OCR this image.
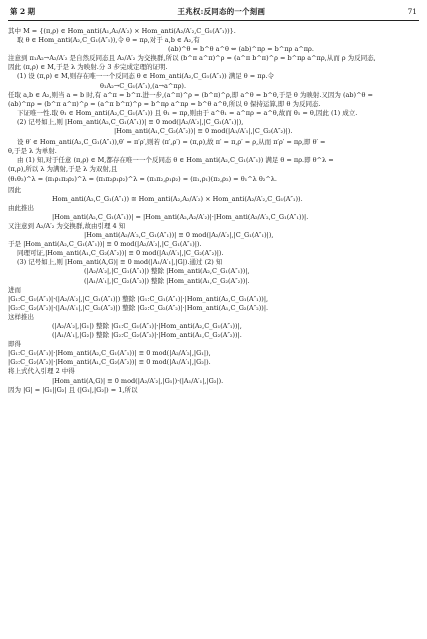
第 2 期	王兆权:反同态的一个刻画	71
其中 M = {(π,ρ) ∈ Hom_anti(A₁,A₂/A′₂) × Hom_anti(A₂/A′₂,C_G₁(A″₁))}.
取 θ ∈ Hom_anti(A₂,C_G₁(A″₁)),令 θ = πρ,对于 a,b ∈ A₂,有
(ab)^θ = b^θ a^θ ⇔ (ab)^πρ = b^πρ a^πρ.
注意到 π₁A₂→A₂/A′₂ 是自然反同态且 A₂/A′₂ 为交换群,所以 (b^π a^π)^ρ = (a^π b^π)^ρ = b^πρ a^πρ,从而 ρ 为反同态,
因此 (π,ρ) ∈ M,于是 λ 为映射.分 3 步完成定理的证明.
(1) 设 (π,ρ) ∈ M,则存在唯一一个反同态 θ ∈ Hom_anti(A₂,C_G₁(A″₁)) 满足 θ = πρ.令
θ₁A₂→C_G₁(A″₁),(a→a^πρ).
任取 a,b ∈ A₂,则当 a = b 时,有 a^π = b^π.进一步,(a^π)^ρ = (b^π)^ρ,即 a^θ = b^θ,于是 θ 为映射.又因为 (ab)^θ =
(ab)^πρ = (b^π a^π)^ρ = (a^π b^π)^ρ = b^πρ a^πρ = b^θ a^θ,所以 θ 保持运算,即 θ 为反同态.
下证唯一性.取 θ₁ ∈ Hom_anti(A₂,C_G₁(A″₁)) 且 θ₁ = πρ,则由于 a^θ₁ = a^πρ = a^θ,故而 θ₁ = θ,因此 (1) 成立.
(2) 记号如上,则 |Hom_anti(A₂,C_G₁(A″₁))| ≡ 0 mod(|A₂/A′₂|,|C_G₁(A″₁)|),
|Hom_anti(A₁,C_G₂(A″₂))| ≡ 0 mod(|A₁/A′₁|,|C_G₂(A″₂)|).
设 θ′ ∈ Hom_anti(A₂,C_G₁(A″₁)),θ′ = π′ρ′,则若 (π′,ρ′) = (π,ρ),故 π′ = π,ρ′ = ρ,从而 π′ρ′ = πρ,即 θ′ =
θ,于是 λ 为单射.
由 (1) 知,对于任意 (π,ρ) ∈ M,都存在唯一一个反同态 θ ∈ Hom_anti(A₂,C_G₁(A″₁)) 满足 θ = πρ.即 θ^λ =
(π,ρ),所以 λ 为满射,于是 λ 为双射,且
(θ₁θ₂)^λ = (π₁ρ₁π₂ρ₂)^λ = (π₁π₂ρ₁ρ₂)^λ = (π₁π₂,ρ₁ρ₂) = (π₁,ρ₁)(π₂,ρ₂) = θ₁^λ θ₂^λ.
因此
Hom_anti(A₂,C_G₁(A″₁)) ≅ Hom_anti(A₂,A₂/A′₂) × Hom_anti(A₂/A′₂,C_G₁(A″₁)).
由此推出
|Hom_anti(A₂,C_G₁(A″₁))| = |Hom_anti(A₂,A₂/A′₂)|·|Hom_anti(A₂/A′₂,C_G₁(A″₁))|.
又注意到 A₂/A′₂ 为交换群,故由引理 4 知
|Hom_anti(A₂/A′₂,C_G₁(A″₁))| ≡ 0 mod(|A₂/A′₂|,|C_G₁(A″₁)|),
于是 |Hom_anti(A₂,C_G₁(A″₁))| ≡ 0 mod(|A₂/A′₂|,|C_G₁(A″₁)|).
同理可证,|Hom_anti(A₁,C_G₂(A″₂))| ≡ 0 mod(|A₁/A′₁|,|C_G₂(A″₂)|).
(3) 记号如上,则 |Hom_anti(A,G)| ≡ 0 mod(|A₁/A′₁|,|G|).通过 (2) 知
(|A₂/A′₂|,|C_G₁(A″₁)|) 整除 |Hom_anti(A₂,C_G₁(A″₁))|,
(|A₁/A′₁|,|C_G₂(A″₂)|) 整除 |Hom_anti(A₁,C_G₂(A″₂))|.
进而
|G₁:C_G₁(A″₁)|·(|A₂/A′₂|,|C_G₁(A″₁)|) 整除 |G₁:C_G₁(A″₁)|·|Hom_anti(A₂,C_G₁(A″₁))|,
|G₂:C_G₂(A″₂)|·(|A₁/A′₁|,|C_G₂(A″₂)|) 整除 |G₂:C_G₂(A″₂)|·|Hom_anti(A₁,C_G₂(A″₂))|.
这样推出
(|A₂/A′₂|,|G₁|) 整除 |G₁:C_G₁(A″₁)|·|Hom_anti(A₂,C_G₁(A″₁))|,
(|A₁/A′₁|,|G₂|) 整除 |G₂:C_G₂(A″₂)|·|Hom_anti(A₁,C_G₂(A″₂))|.
即得
|G₁:C_G₁(A″₁)|·|Hom_anti(A₂,C_G₁(A″₁))| ≡ 0 mod(|A₂/A′₂|,|G₁|),
|G₂:C_G₂(A″₂)|·|Hom_anti(A₁,C_G₂(A″₂))| ≡ 0 mod(|A₁/A′₁|,|G₂|).
将上式代入引理 2 中得
|Hom_anti(A,G)| ≡ 0 mod(|A₂/A′₂|,|G₁|)·(|A₁/A′₁|,|G₂|).
因为 |G| = |G₁||G₂| 且 (|G₁|,|G₂|) = 1,所以
